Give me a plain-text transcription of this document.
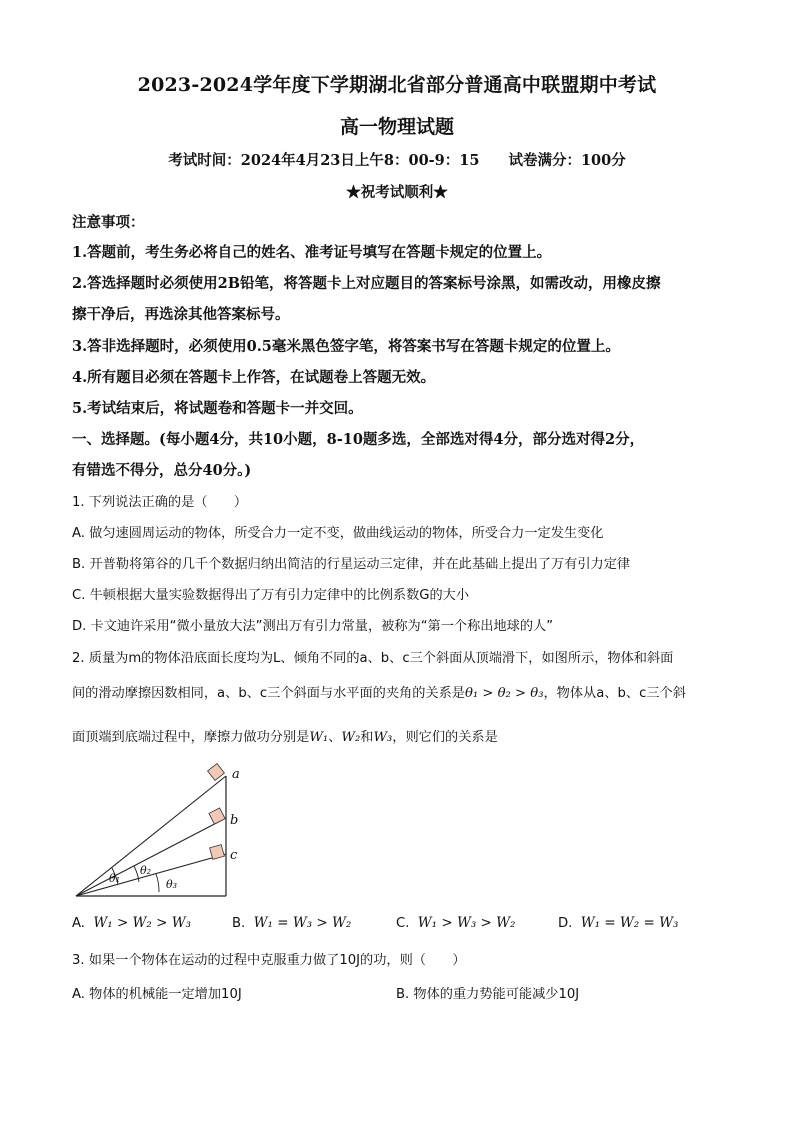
2023-2024学年度下学期湖北省部分普通高中联盟期中考试
高一物理试题
考试时间：2024年4月23日上午8：00-9：15　　试卷满分：100分
★祝考试顺利★
注意事项：
1.答题前，考生务必将自己的姓名、准考证号填写在答题卡规定的位置上。
2.答选择题时必须使用2B铅笔，将答题卡上对应题目的答案标号涂黑，如需改动，用橡皮擦
擦干净后，再选涂其他答案标号。
3.答非选择题时，必须使用0.5毫米黑色签字笔，将答案书写在答题卡规定的位置上。
4.所有题目必须在答题卡上作答，在试题卷上答题无效。
5.考试结束后，将试题卷和答题卡一并交回。
一、选择题。(每小题4分，共10小题，8-10题多选，全部选对得4分，部分选对得2分，
有错选不得分，总分40分。)
1. 下列说法正确的是（　　）
A. 做匀速圆周运动的物体，所受合力一定不变，做曲线运动的物体，所受合力一定发生变化
B. 开普勒将第谷的几千个数据归纳出简洁的行星运动三定律，并在此基础上提出了万有引力定律
C. 牛顿根据大量实验数据得出了万有引力定律中的比例系数G的大小
D. 卡文迪许采用“微小量放大法”测出万有引力常量，被称为“第一个称出地球的人”
2. 质量为m的物体沿底面长度均为L、倾角不同的a、b、c三个斜面从顶端滑下，如图所示，物体和斜面
间的滑动摩擦因数相同，a、b、c三个斜面与水平面的夹角的关系是θ₁ > θ₂ > θ₃，物体从a、b、c三个斜
面顶端到底端过程中，摩擦力做功分别是W₁、W₂和W₃，则它们的关系是
a
b
c
θ₁
θ₂
θ₃
A. W₁ > W₂ > W₃	B. W₁ = W₃ > W₂	C. W₁ > W₃ > W₂	D. W₁ = W₂ = W₃
3. 如果一个物体在运动的过程中克服重力做了10J的功，则（　　）
A. 物体的机械能一定增加10J	B. 物体的重力势能可能减少10J
